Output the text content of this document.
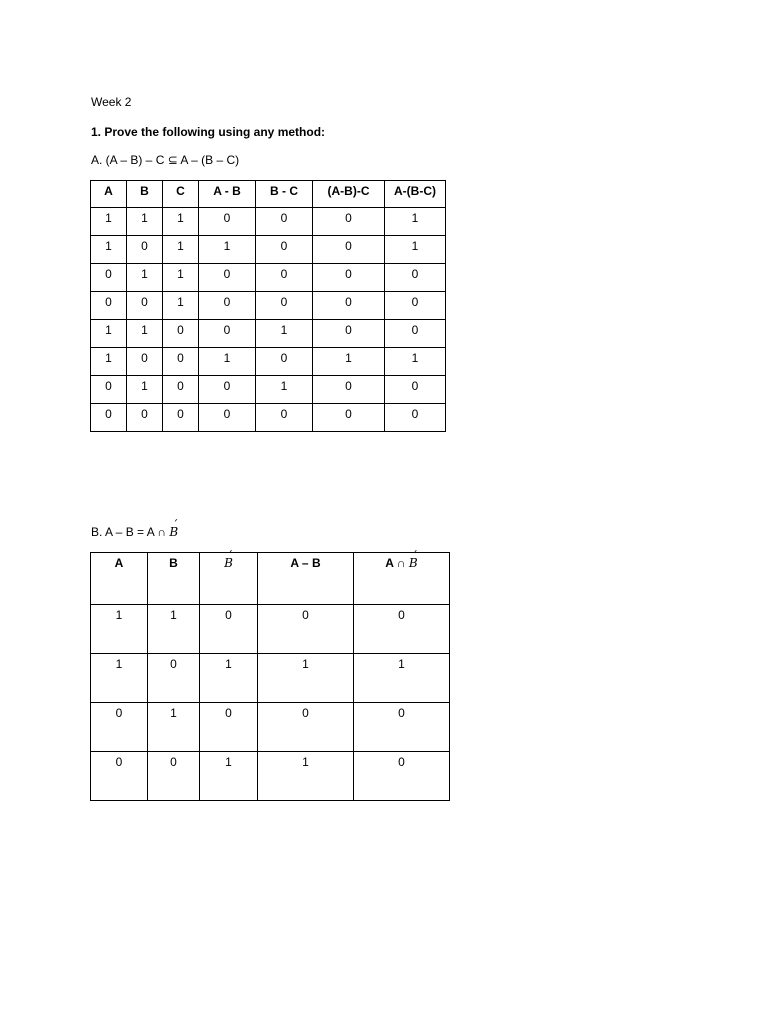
Week 2
1. Prove the following using any method:
A. (A – B) – C ⊆ A – (B – C)
A	B	C	A - B	B - C	(A-B)-C	A-(B-C)
1	1	1	0	0	0	1
1	0	1	1	0	0	1
0	1	1	0	0	0	0
0	0	1	0	0	0	0
1	1	0	0	1	0	0
1	0	0	1	0	1	1
0	1	0	0	1	0	0
0	0	0	0	0	0	0
B. A – B = A ∩ B ´
A	B	B ´	A – B	A ∩ B ´
1	1	0	0	0
1	0	1	1	1
0	1	0	0	0
0	0	1	1	0
